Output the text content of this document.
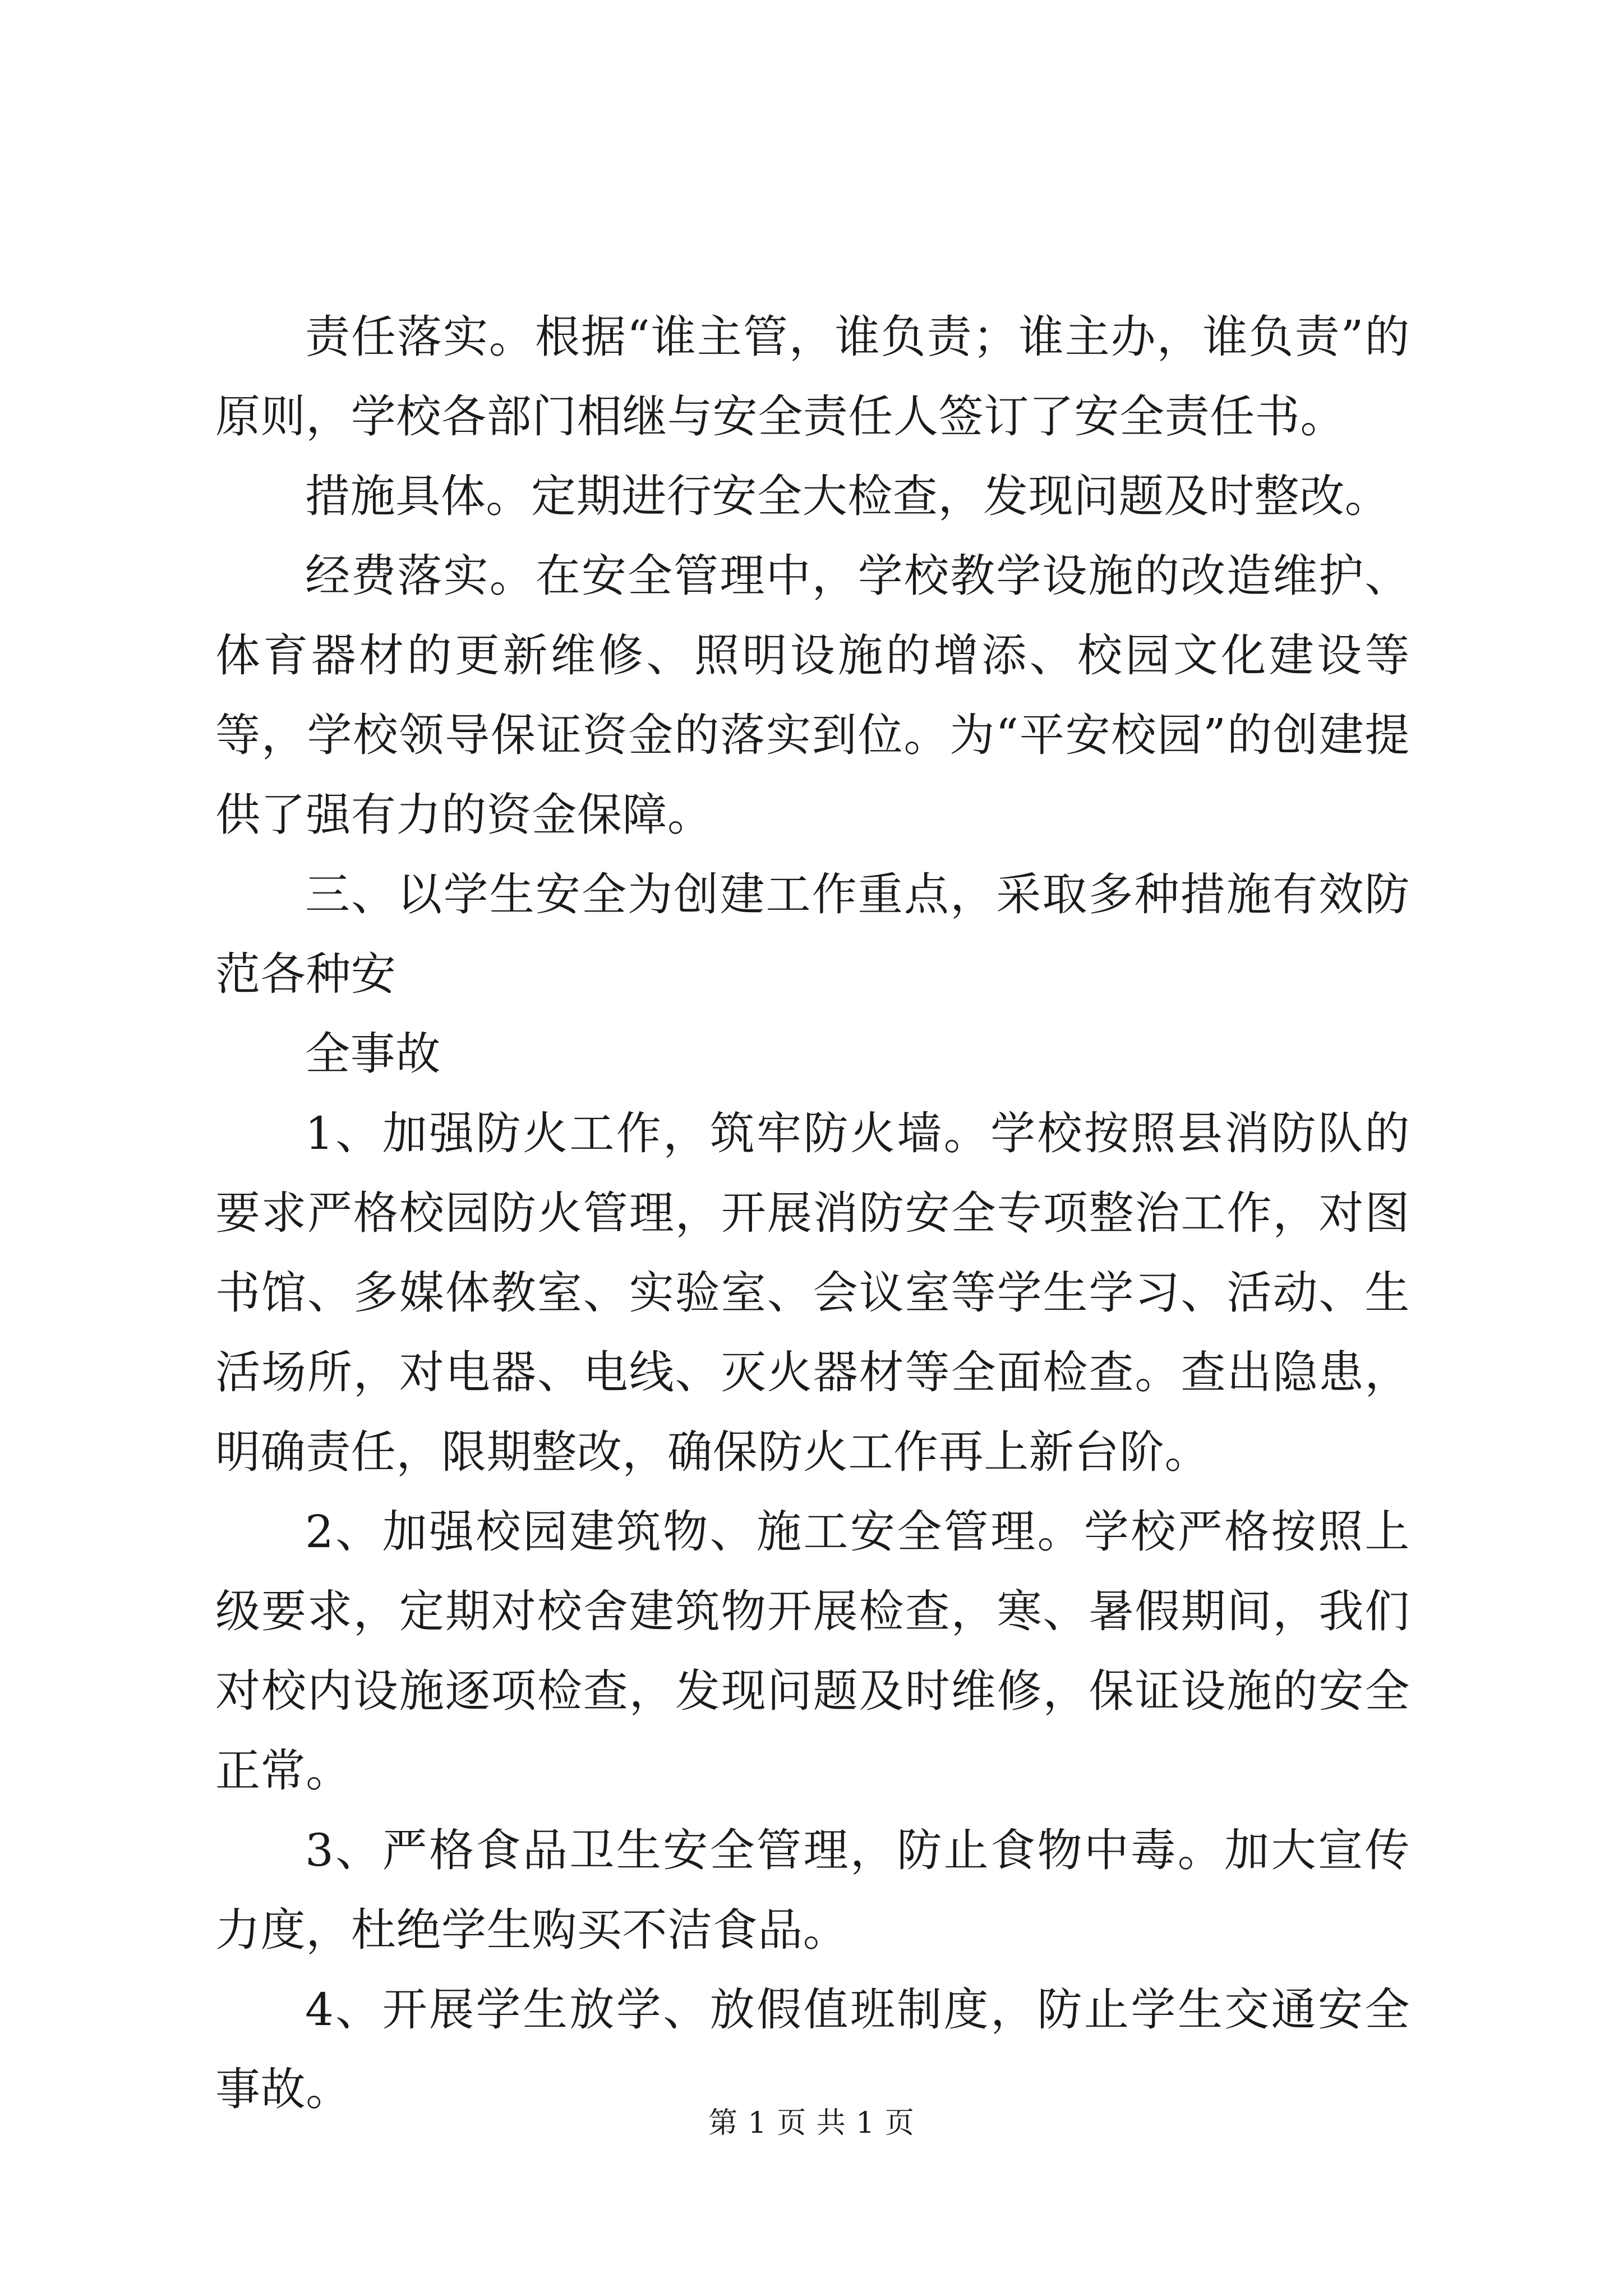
责任落实。根据“谁主管，谁负责；谁主办，谁负责”的原则，学校各部门相继与安全责任人签订了安全责任书。

措施具体。定期进行安全大检查，发现问题及时整改。

经费落实。在安全管理中，学校教学设施的改造维护、体育器材的更新维修、照明设施的增添、校园文化建设等等，学校领导保证资金的落实到位。为“平安校园”的创建提供了强有力的资金保障。

三、以学生安全为创建工作重点，采取多种措施有效防范各种安

全事故

1、加强防火工作，筑牢防火墙。学校按照县消防队的要求严格校园防火管理，开展消防安全专项整治工作，对图书馆、多媒体教室、实验室、会议室等学生学习、活动、生活场所，对电器、电线、灭火器材等全面检查。查出隐患，明确责任，限期整改，确保防火工作再上新台阶。

2、加强校园建筑物、施工安全管理。学校严格按照上级要求，定期对校舍建筑物开展检查，寒、暑假期间，我们对校内设施逐项检查，发现问题及时维修，保证设施的安全正常。

3、严格食品卫生安全管理，防止食物中毒。加大宣传力度，杜绝学生购买不洁食品。

4、开展学生放学、放假值班制度，防止学生交通安全事故。

第 1 页 共 1 页
